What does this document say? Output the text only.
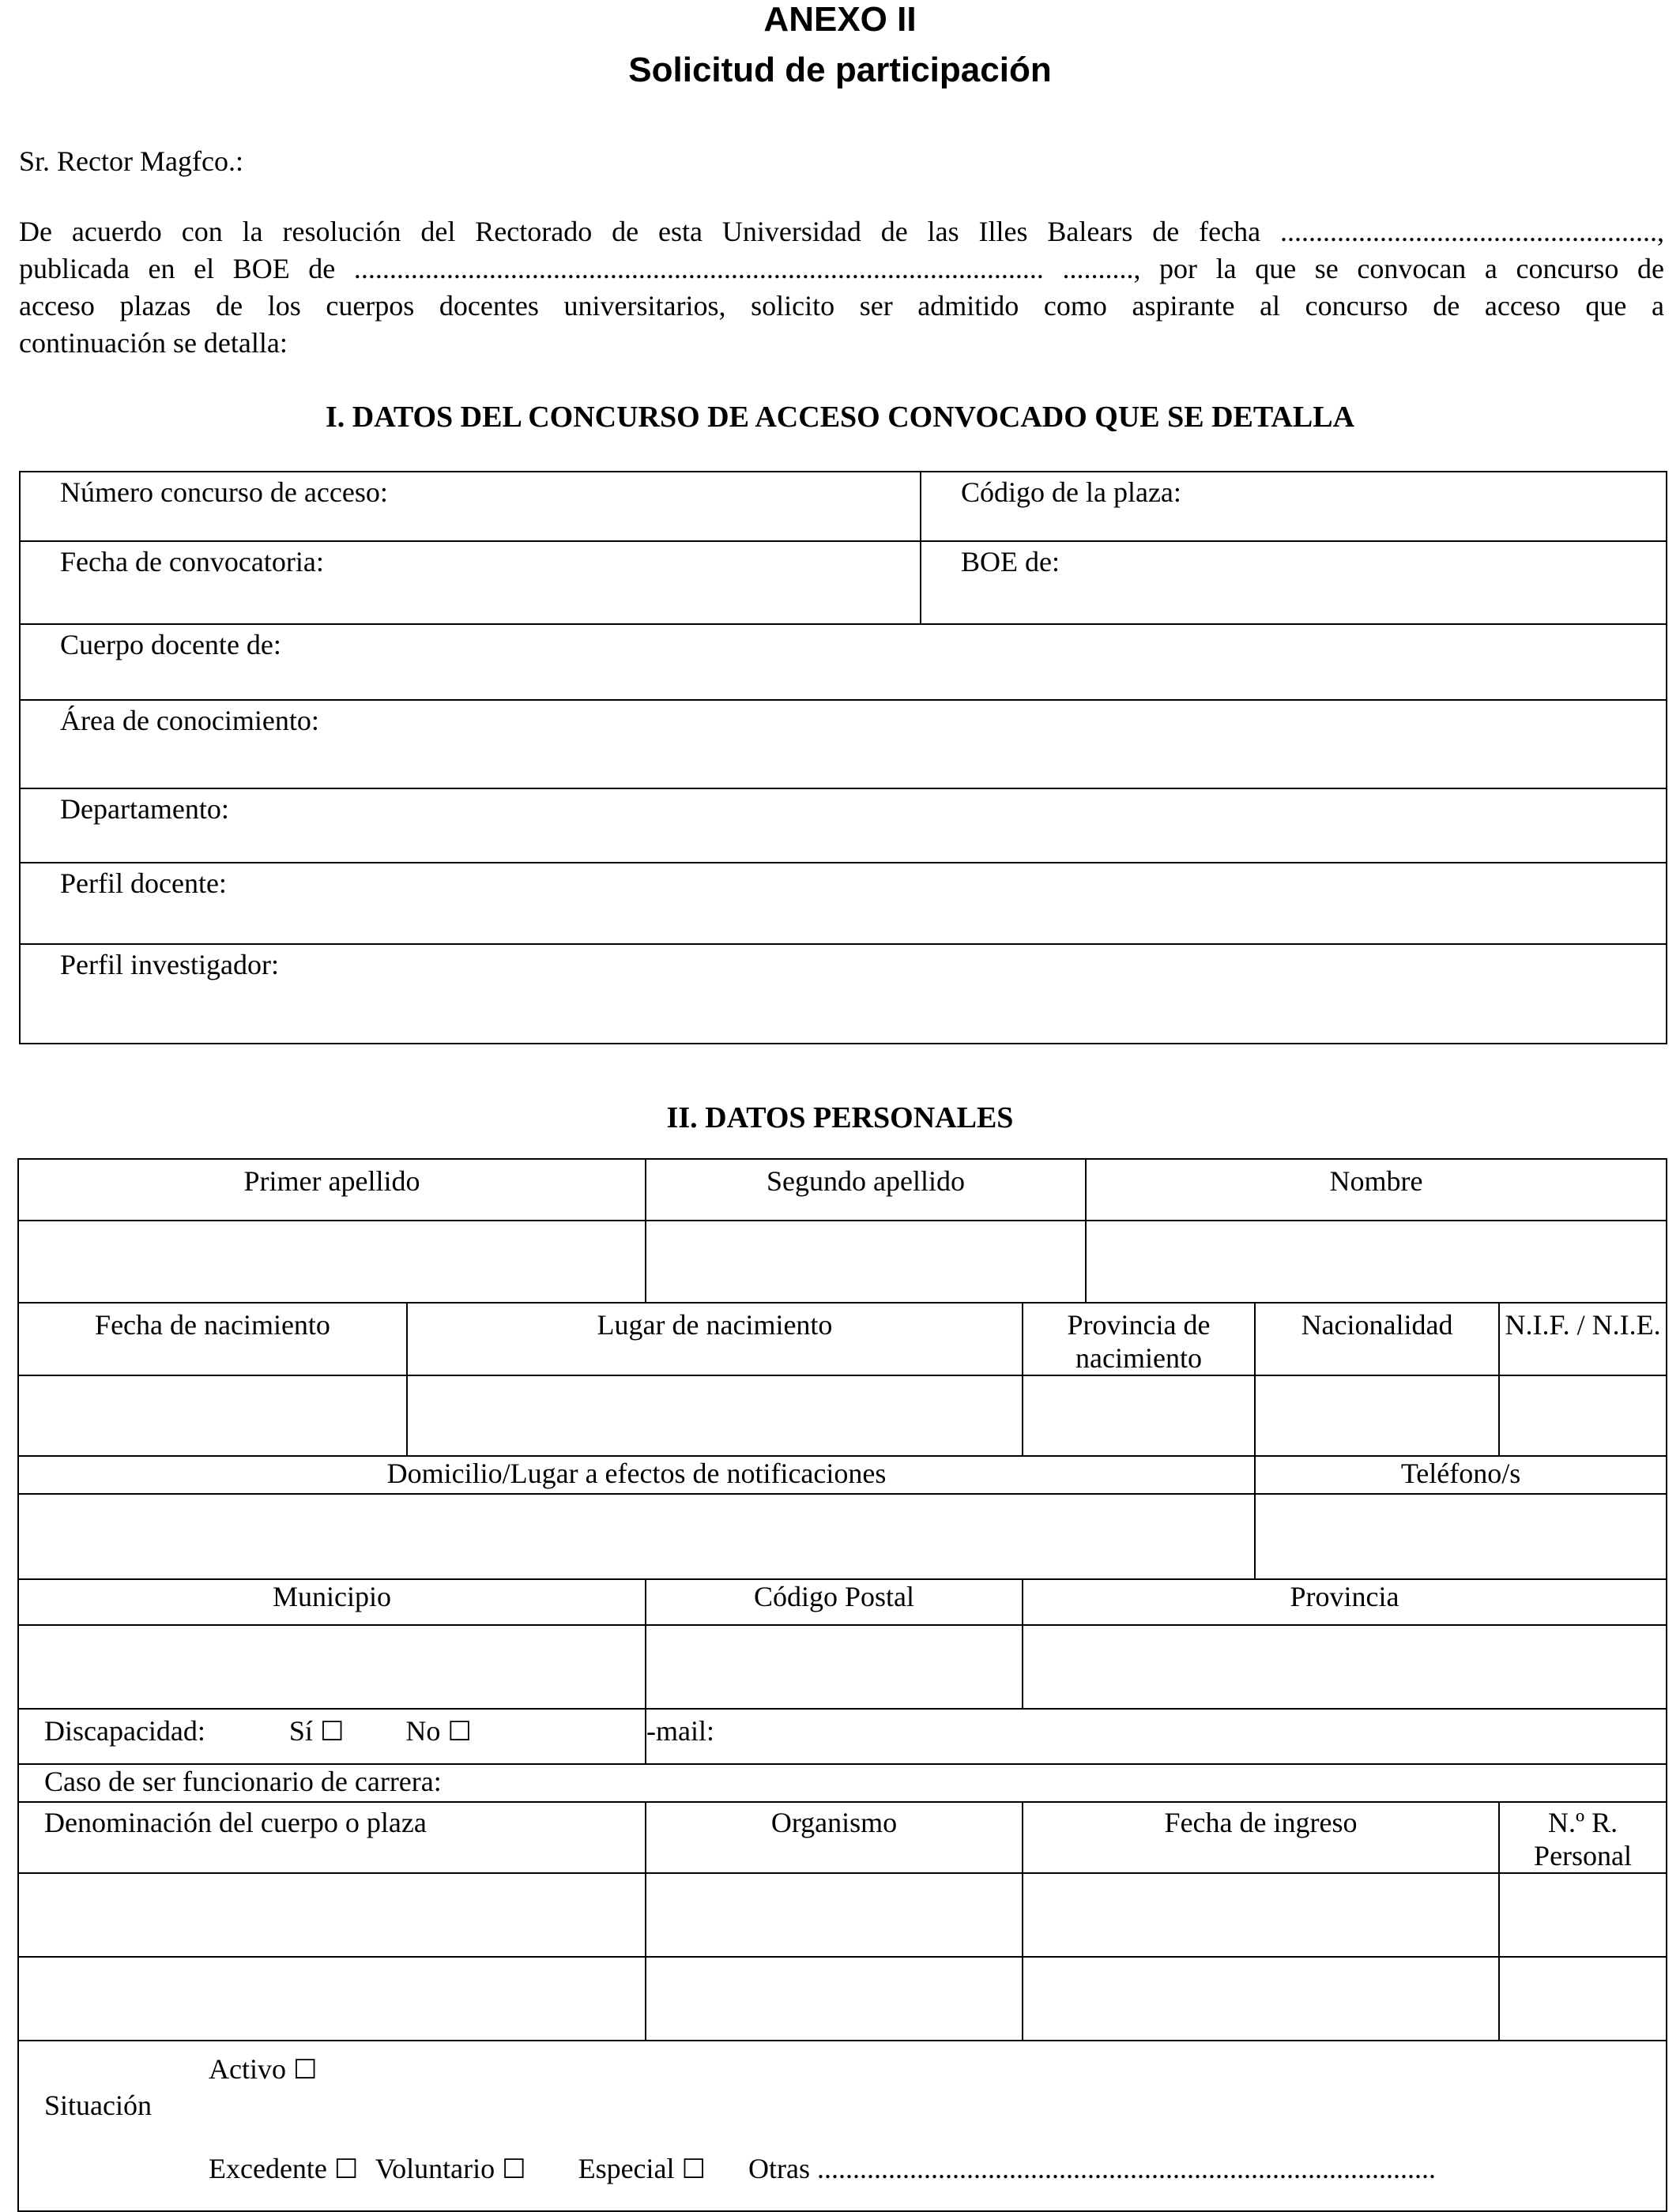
ANEXO II
Solicitud de participación
Sr. Rector Magfco.:
De acuerdo con la resolución del Rectorado de esta Universidad de las Illes Balears de fecha .....................................................,
publicada en el BOE de ................................................................................................. .........., por la que se convocan a concurso de
acceso plazas de los cuerpos docentes universitarios, solicito ser admitido como aspirante al concurso de acceso que a
continuación se detalla:
I. DATOS DEL CONCURSO DE ACCESO CONVOCADO QUE SE DETALLA
Número concurso de acceso:	Código de la plaza:
Fecha de convocatoria:	BOE de:
Cuerpo docente de:	
Área de conocimiento:	
Departamento:	
Perfil docente:	
Perfil investigador:	
II. DATOS PERSONALES
Primer apellido		Segundo apellido		Nombre		

Fecha de nacimiento	Lugar de nacimiento		Provincia de nacimiento		Nacionalidad	N.I.F. / N.I.E.

Domicilio/Lugar a efectos de notificaciones					Teléfono/s	

Municipio		Código Postal	Provincia			

Discapacidad: Sí ☐ No ☐		-mail:				
Caso de ser funcionario de carrera:						
Denominación del cuerpo o plaza		Organismo	Fecha de ingreso			N.º R. Personal

Situación
Activo ☐
Excedente ☐ Voluntario ☐ Especial ☐ Otras .......................................................................................						
